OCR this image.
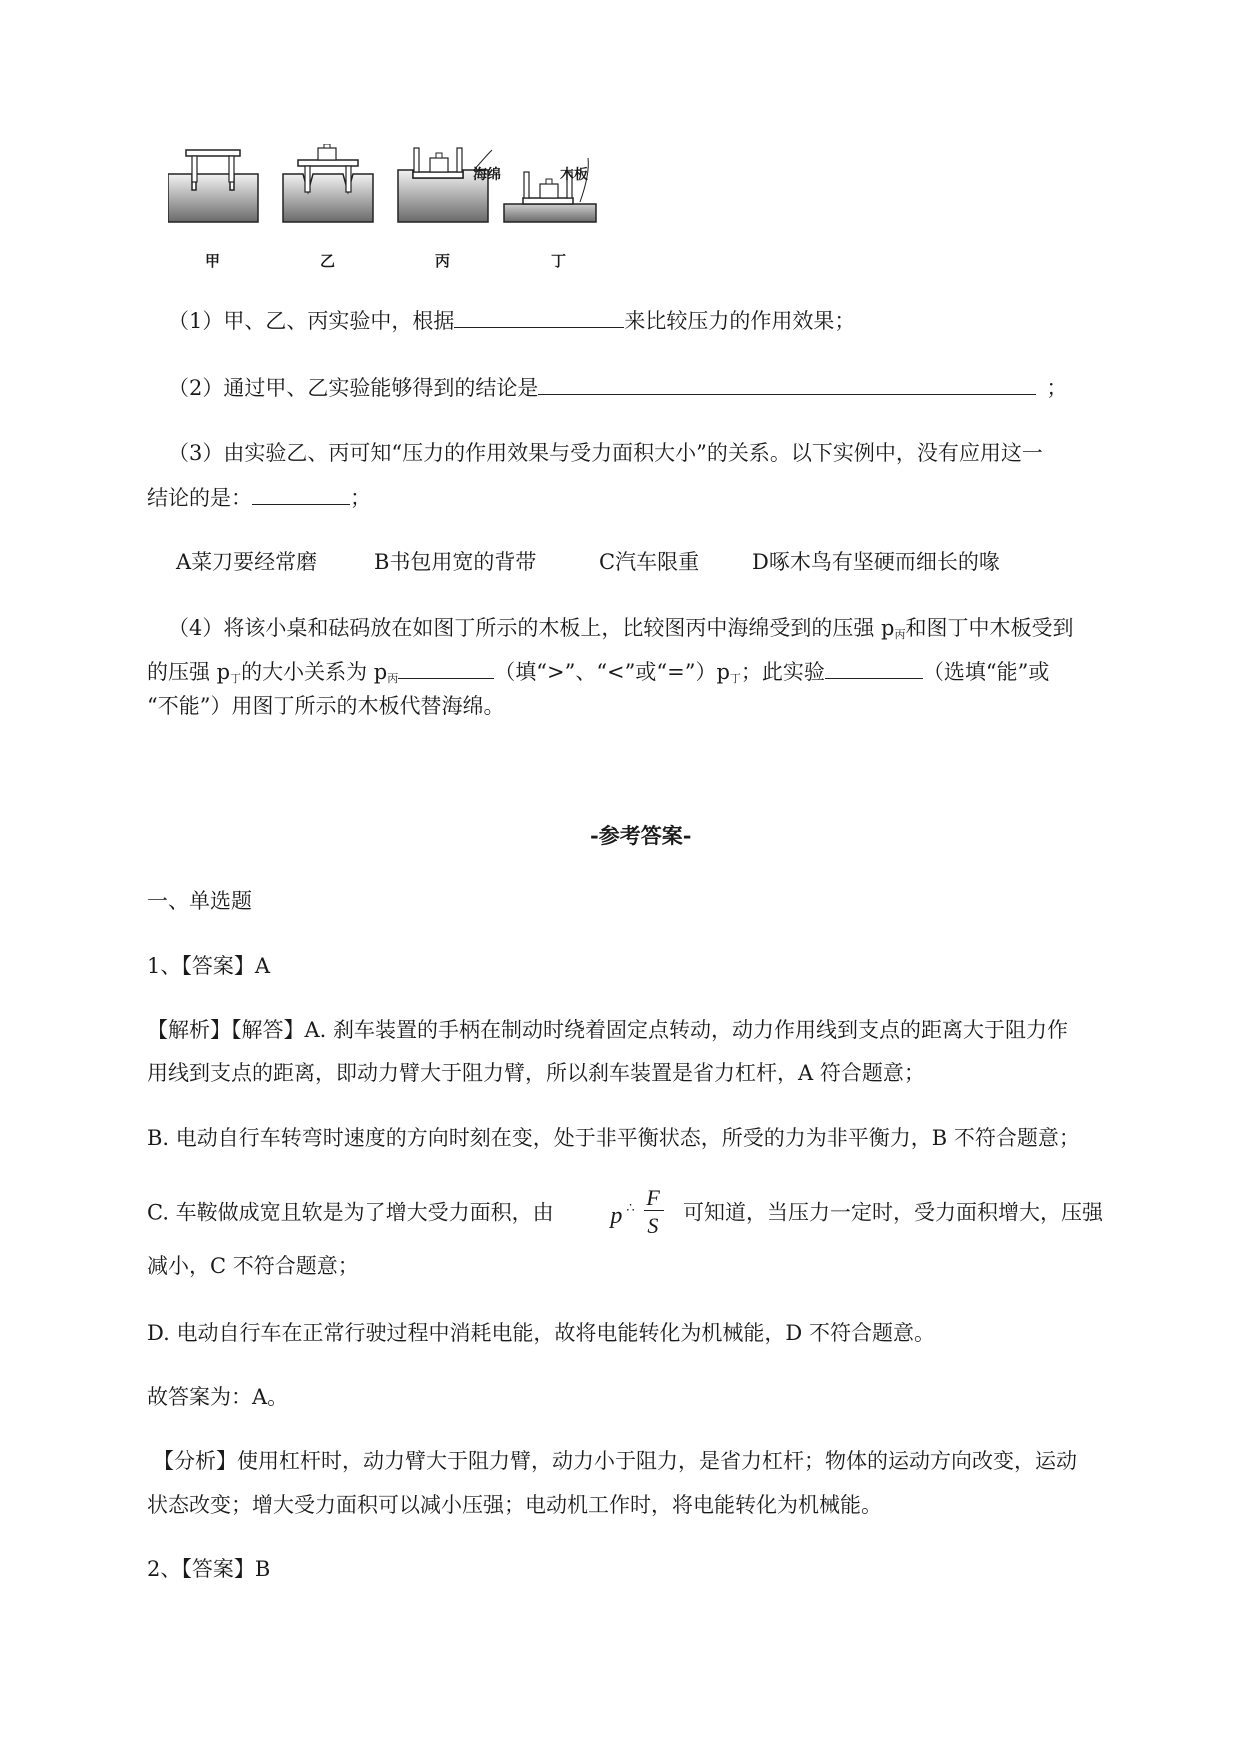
甲	乙	丙	丁
海绵	木板
（1）甲、乙、丙实验中，根据	来比较压力的作用效果；
（2）通过甲、乙实验能够得到的结论是	；
（3）由实验乙、丙可知“压力的作用效果与受力面积大小”的关系。以下实例中，没有应用这一
结论的是：	；
A菜刀要经常磨	B书包用宽的背带	C汽车限重	D啄木鸟有坚硬而细长的喙
（4）将该小桌和砝码放在如图丁所示的木板上，比较图丙中海绵受到的压强 $p_丙$和图丁中木板受到
的压强 $p_丁$的大小关系为 $p_丙$	（填“>”、“<”或“$=”)p_丁$；此实验	（选填“能”或
“不能”）用图丁所示的木板代替海绵。
-参考答案-
一、单选题
1、【答案】A
【解析】【解答】A. 刹车装置的手柄在制动时绕着固定点转动，动力作用线到支点的距离大于阻力作
用线到支点的距离，即动力臂大于阻力臂，所以刹车装置是省力杠杆，A 符合题意；
B. 电动自行车转弯时速度的方向时刻在变，处于非平衡状态，所受的力为非平衡力，B 不符合题意；
C. 车鞍做成宽且软是为了增大受力面积，由 p ∴ F
S
可知道，当压力一定时，受力面积增大，压强
减小，C 不符合题意；
D. 电动自行车在正常行驶过程中消耗电能，故将电能转化为机械能，D 不符合题意。
故答案为：A。
【分析】使用杠杆时，动力臂大于阻力臂，动力小于阻力，是省力杠杆；物体的运动方向改变，运动
状态改变；增大受力面积可以减小压强；电动机工作时，将电能转化为机械能。
2、【答案】B
